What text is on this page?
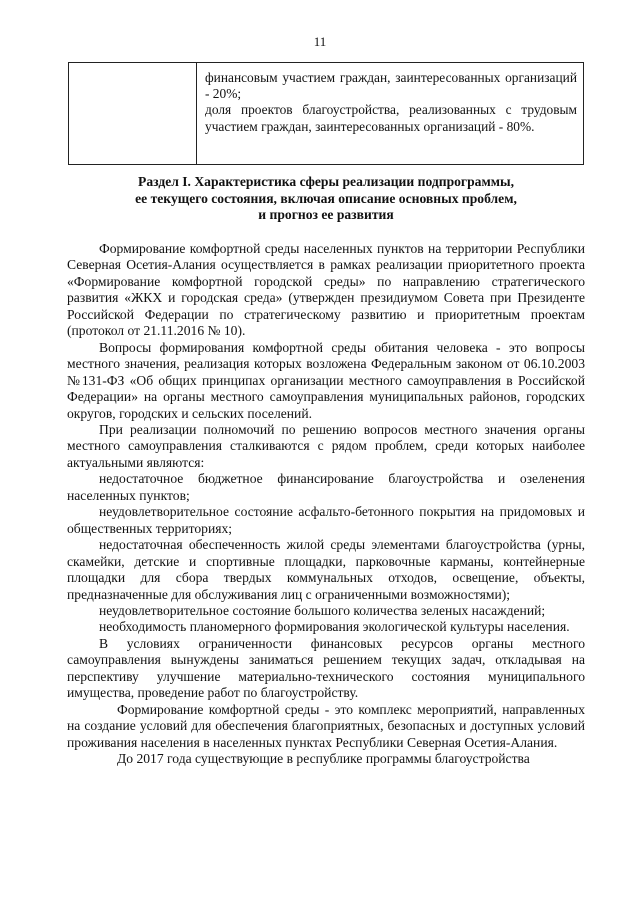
11

финансовым участием граждан, заинтересованных организаций - 20%;

доля проектов благоустройства, реализованных с трудовым участием граждан, заинтересованных организаций - 80%.

Раздел I. Характеристика сферы реализации подпрограммы,
ее текущего состояния, включая описание основных проблем,
и прогноз ее развития

Формирование комфортной среды населенных пунктов на территории Республики Северная Осетия-Алания осуществляется в рамках реализации приоритетного проекта «Формирование комфортной городской среды» по направлению стратегического развития «ЖКХ и городская среда» (утвержден президиумом Совета при Президенте Российской Федерации по стратегическому развитию и приоритетным проектам (протокол от 21.11.2016 № 10).

Вопросы формирования комфортной среды обитания человека - это вопросы местного значения, реализация которых возложена Федеральным законом от 06.10.2003 №131-ФЗ «Об общих принципах организации местного самоуправления в Российской Федерации» на органы местного самоуправления муниципальных районов, городских округов, городских и сельских поселений.

При реализации полномочий по решению вопросов местного значения органы местного самоуправления сталкиваются с рядом проблем, среди которых наиболее актуальными являются:

недостаточное бюджетное финансирование благоустройства и озеленения населенных пунктов;

неудовлетворительное состояние асфальто-бетонного покрытия на придомовых и общественных территориях;

недостаточная обеспеченность жилой среды элементами благоустройства (урны, скамейки, детские и спортивные площадки, парковочные карманы, контейнерные площадки для сбора твердых коммунальных отходов, освещение, объекты, предназначенные для обслуживания лиц с ограниченными возможностями);

неудовлетворительное состояние большого количества зеленых насаждений;

необходимость планомерного формирования экологической культуры населения.

В условиях ограниченности финансовых ресурсов органы местного самоуправления вынуждены заниматься решением текущих задач, откладывая на перспективу улучшение материально-технического состояния муниципального имущества, проведение работ по благоустройству.

Формирование комфортной среды - это комплекс мероприятий, направленных на создание условий для обеспечения благоприятных, безопасных и доступных условий проживания населения в населенных пунктах Республики Северная Осетия-Алания.

До 2017 года существующие в республике программы благоустройства
